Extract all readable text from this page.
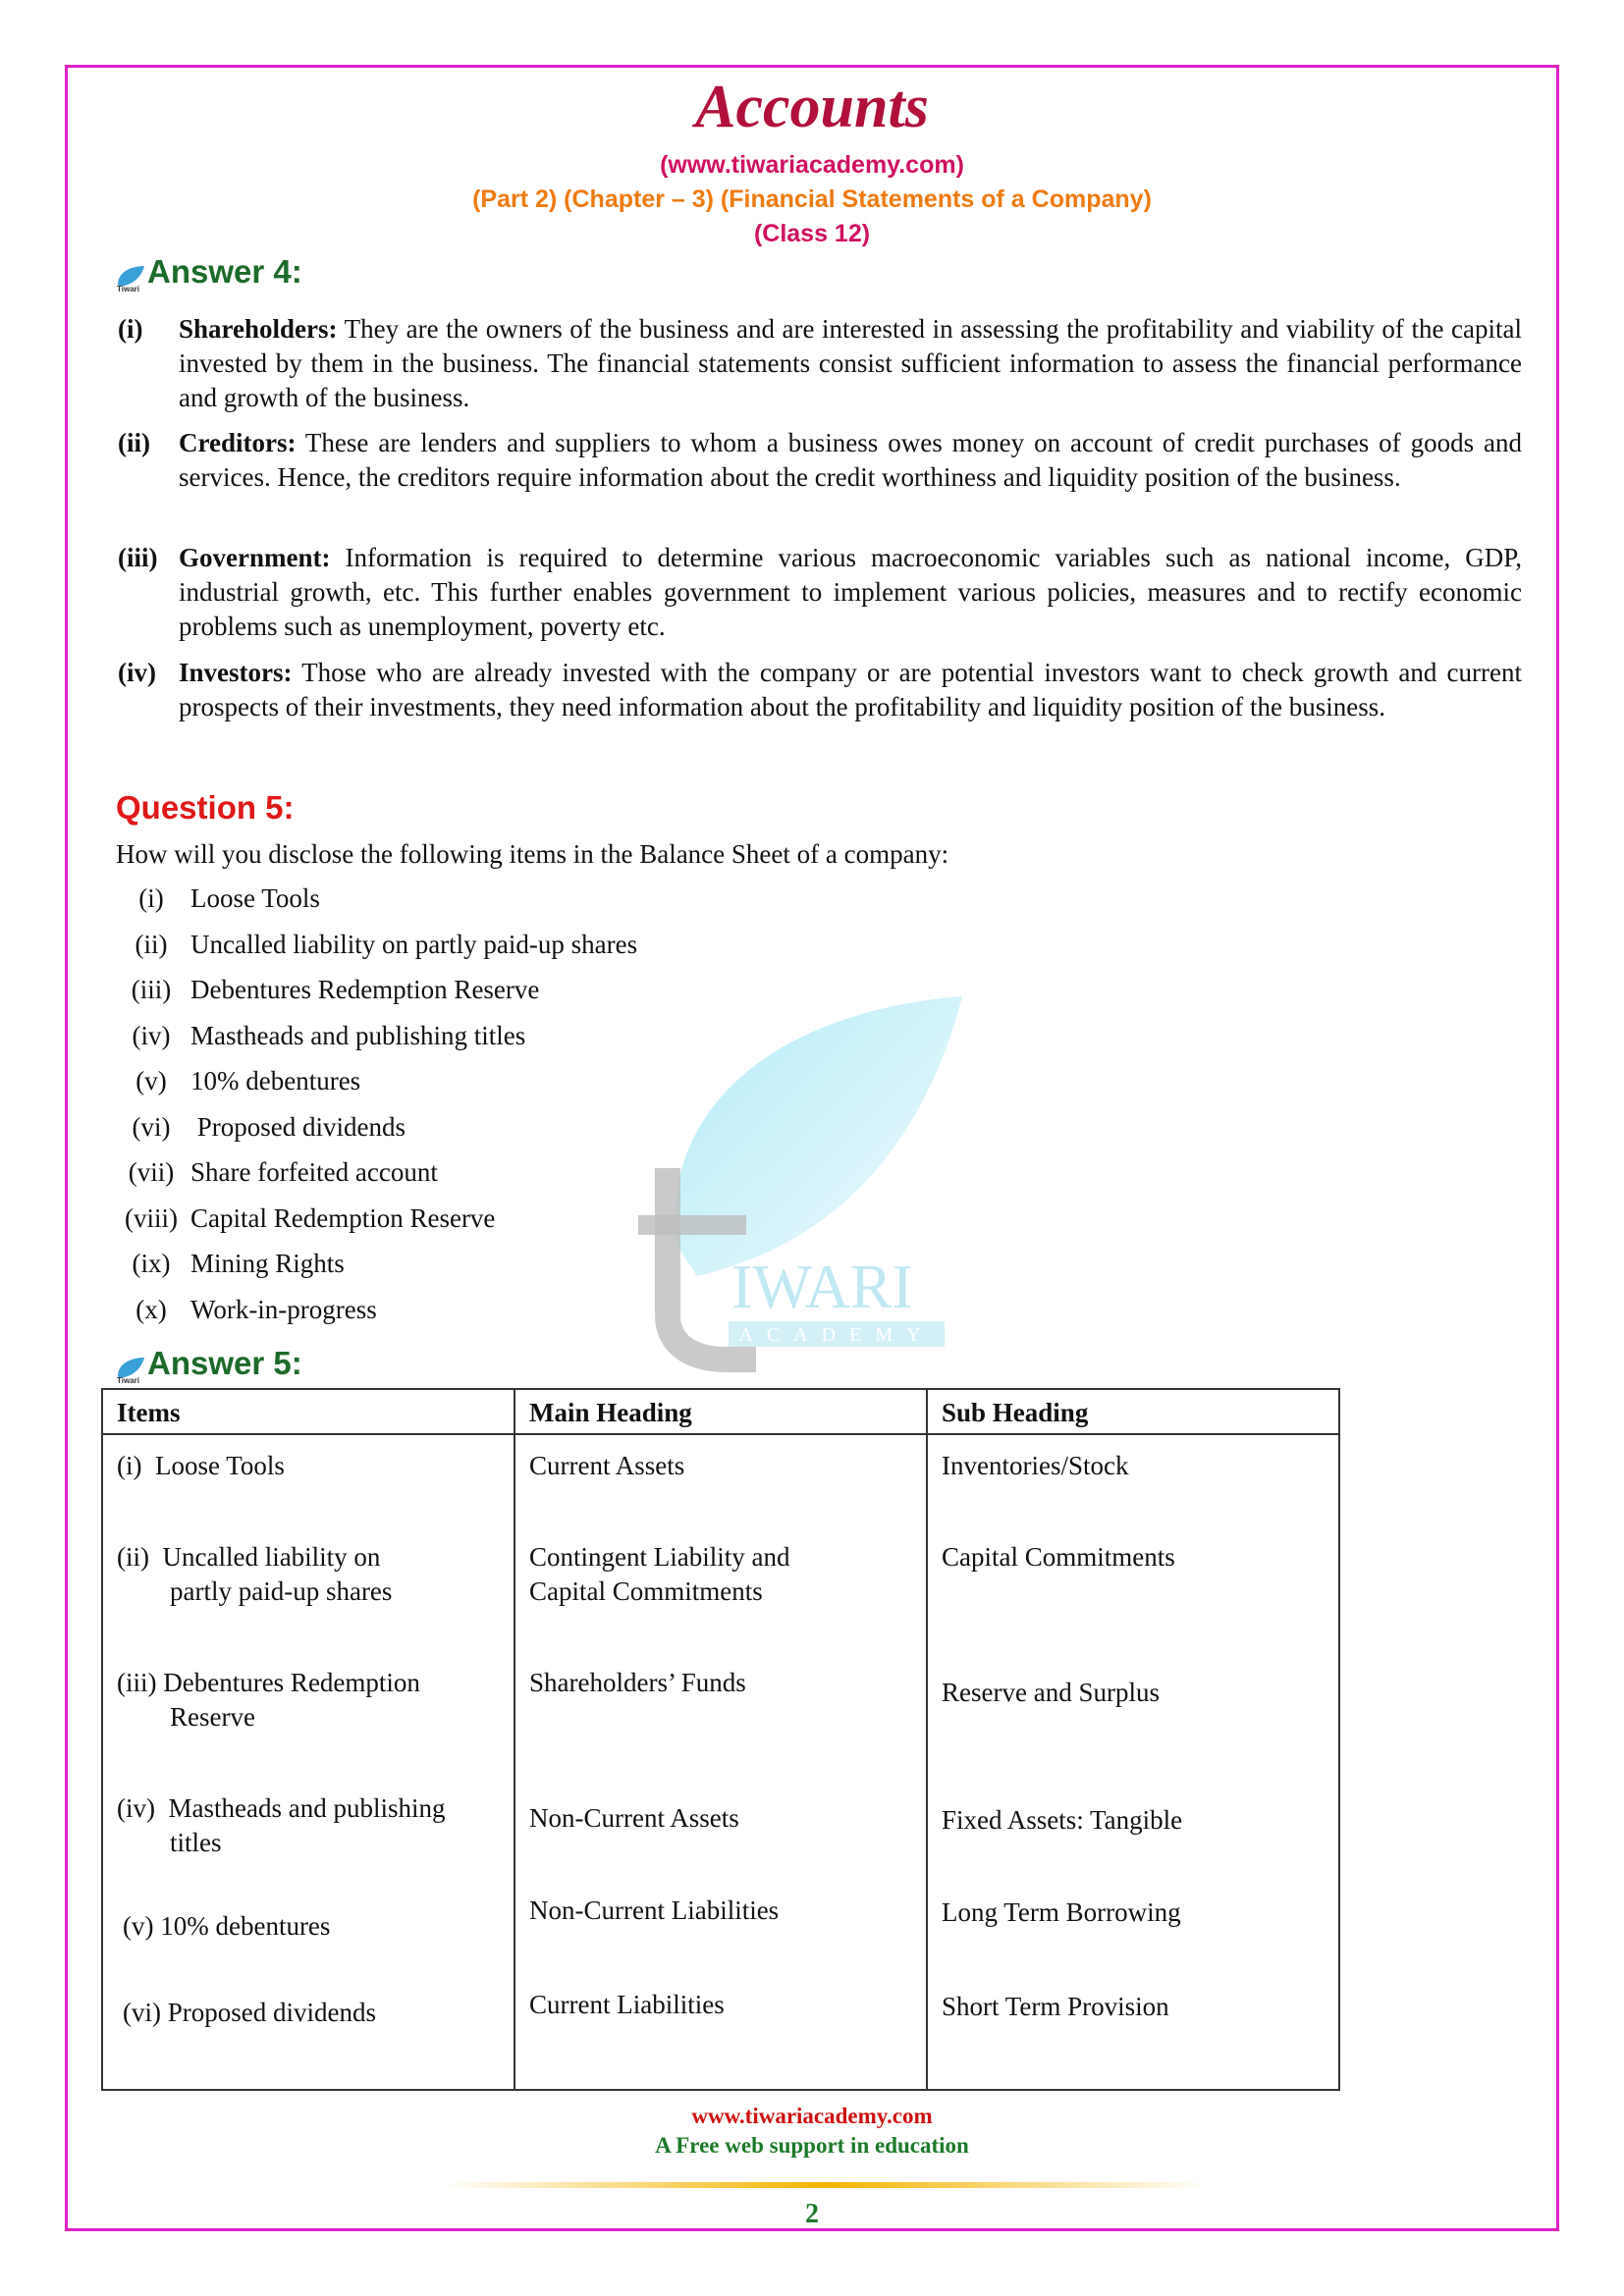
Accounts
(www.tiwariacademy.com)
(Part 2) (Chapter – 3) (Financial Statements of a Company)
(Class 12)
IWARI
ACADEMY
Tiwari Answer 4:
(i) Shareholders: They are the owners of the business and are interested in assessing the profitability and viability of the capital invested by them in the business. The financial statements consist sufficient information to assess the financial performance and growth of the business.
(ii) Creditors: These are lenders and suppliers to whom a business owes money on account of credit purchases of goods and services. Hence, the creditors require information about the credit worthiness and liquidity position of the business.
(iii) Government: Information is required to determine various macroeconomic variables such as national income, GDP, industrial growth, etc. This further enables government to implement various policies, measures and to rectify economic problems such as unemployment, poverty etc.
(iv) Investors: Those who are already invested with the company or are potential investors want to check growth and current prospects of their investments, they need information about the profitability and liquidity position of the business.
Question 5:
How will you disclose the following items in the Balance Sheet of a company:
(i)	Loose Tools
(ii) Uncalled liability on partly paid-up shares
(iii) Debentures Redemption Reserve
(iv) Mastheads and publishing titles
(v) 10% debentures
(vi) Proposed dividends
(vii) Share forfeited account
(viii) Capital Redemption Reserve
(ix) Mining Rights
(x) Work-in-progress
Tiwari Answer 5:
Items	Main Heading	Sub Heading
(i)  Loose Tools	Current Assets	Inventories/Stock
(ii)  Uncalled liability on
partly paid-up shares	Contingent Liability and
Capital Commitments	Capital Commitments
(iii) Debentures Redemption
Reserve	Shareholders’ Funds	Reserve and Surplus
(iv)  Mastheads and publishing
titles	Non-Current Assets	Fixed Assets: Tangible
(v) 10% debentures	Non-Current Liabilities	Long Term Borrowing
(vi) Proposed dividends	Current Liabilities	Short Term Provision
www.tiwariacademy.com
A Free web support in education
2
